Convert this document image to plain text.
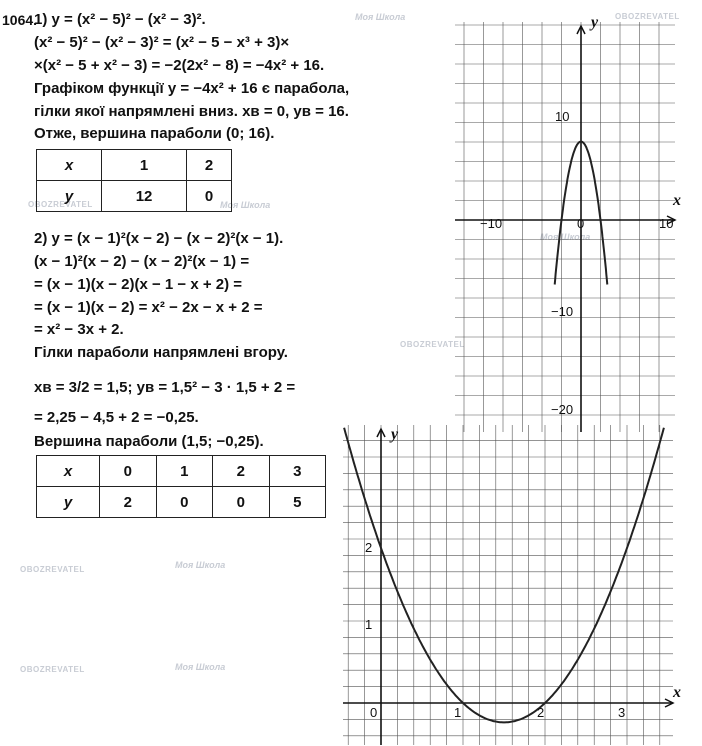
Моя Школа	OBOZREVATEL
Моя Школа
OBOZREVATEL	Моя Школа
OBOZREVATEL
Моя Школа
OBOZREVATEL
Моя Школа
OBOZREVATEL
1064.
1) y = (x² − 5)² − (x² − 3)².
(x² − 5)² − (x² − 3)² = (x² − 5 − x³ + 3)×
×(x² − 5 + x² − 3) = −2(2x² − 8) = −4x² + 16.
Графіком функції y = −4x² + 16 є парабола,
гілки якої напрямлені вниз. xв = 0, yв = 16.
Отже, вершина параболи (0; 16).
x	1	2
y	12	0
2) y = (x − 1)²(x − 2) − (x − 2)²(x − 1).
(x − 1)²(x − 2) − (x − 2)²(x − 1) =
= (x − 1)(x − 2)(x − 1 − x + 2) =
= (x − 1)(x − 2) = x² − 2x − x + 2 =
= x² − 3x + 2.
Гілки параболи напрямлені вгору.
xв = 3/2 = 1,5; yв = 1,5² − 3 · 1,5 + 2 =
= 2,25 − 4,5 + 2 = −0,25.
Вершина параболи (1,5; −0,25).
x	0	1	2	3
y	2	0	0	5
−10	0	10
10
−10
−20
y
x
0	1	2	3
2
1
y
x
